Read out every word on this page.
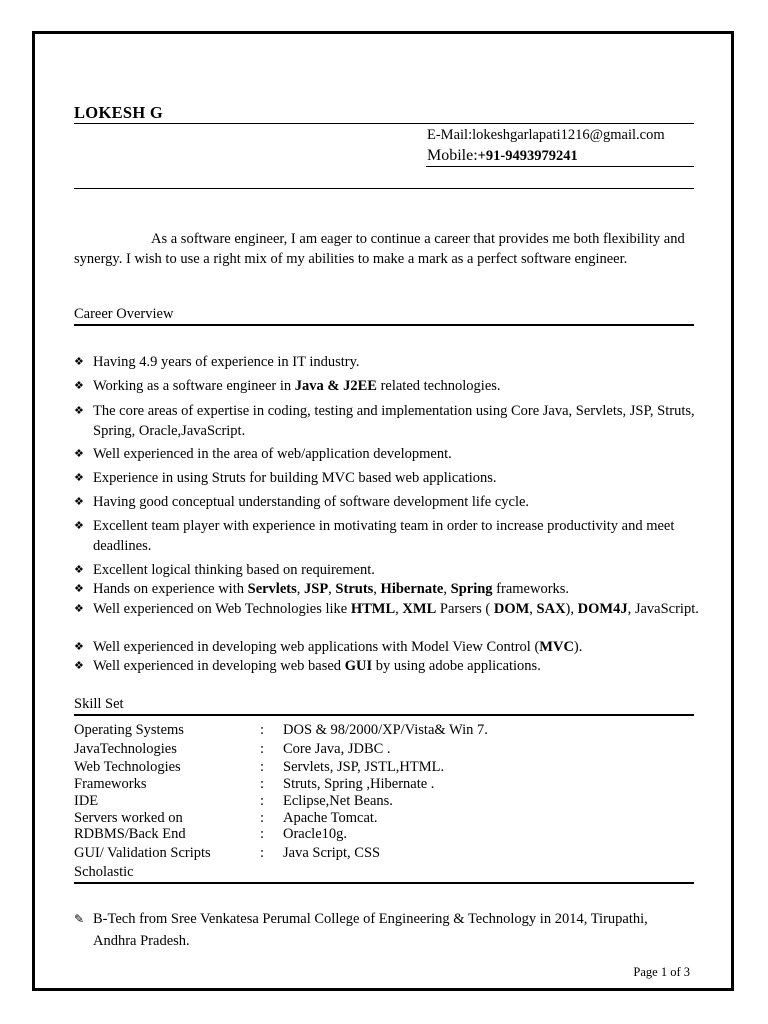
LOKESH G
E-Mail:lokeshgarlapati1216@gmail.com
Mobile:+91-9493979241
As a software engineer, I am eager to continue a career that provides me both flexibility and synergy. I wish to use a right mix of my abilities to make a mark as a perfect software engineer.
Career Overview
❖ Having 4.9 years of experience in IT industry.
❖ Working as a software engineer in Java & J2EE related technologies.
❖ The core areas of expertise in coding, testing and implementation using Core Java, Servlets, JSP, Struts, Spring, Oracle,JavaScript.
❖ Well experienced in the area of web/application development.
❖ Experience in using Struts for building MVC based web applications.
❖ Having good conceptual understanding of software development life cycle.
❖ Excellent team player with experience in motivating team in order to increase productivity and meet deadlines.
❖ Excellent logical thinking based on requirement.
❖ Hands on experience with Servlets, JSP, Struts, Hibernate, Spring frameworks.
❖ Well experienced on Web Technologies like HTML, XML Parsers ( DOM, SAX), DOM4J, JavaScript.
❖ Well experienced in developing web applications with Model View Control (MVC).
❖ Well experienced in developing web based GUI by using adobe applications.
Skill Set
Operating Systems	: DOS & 98/2000/XP/Vista& Win 7.
JavaTechnologies	: Core Java, JDBC .
Web Technologies	: Servlets, JSP, JSTL,HTML.
Frameworks	: Struts, Spring ,Hibernate .
IDE	: Eclipse,Net Beans.
Servers worked on	: Apache Tomcat.
RDBMS/Back End	: Oracle10g.
GUI/ Validation Scripts	: Java Script, CSS
Scholastic
✎ B-Tech from Sree Venkatesa Perumal College of Engineering & Technology in 2014, Tirupathi, Andhra Pradesh.
Page 1 of 3
